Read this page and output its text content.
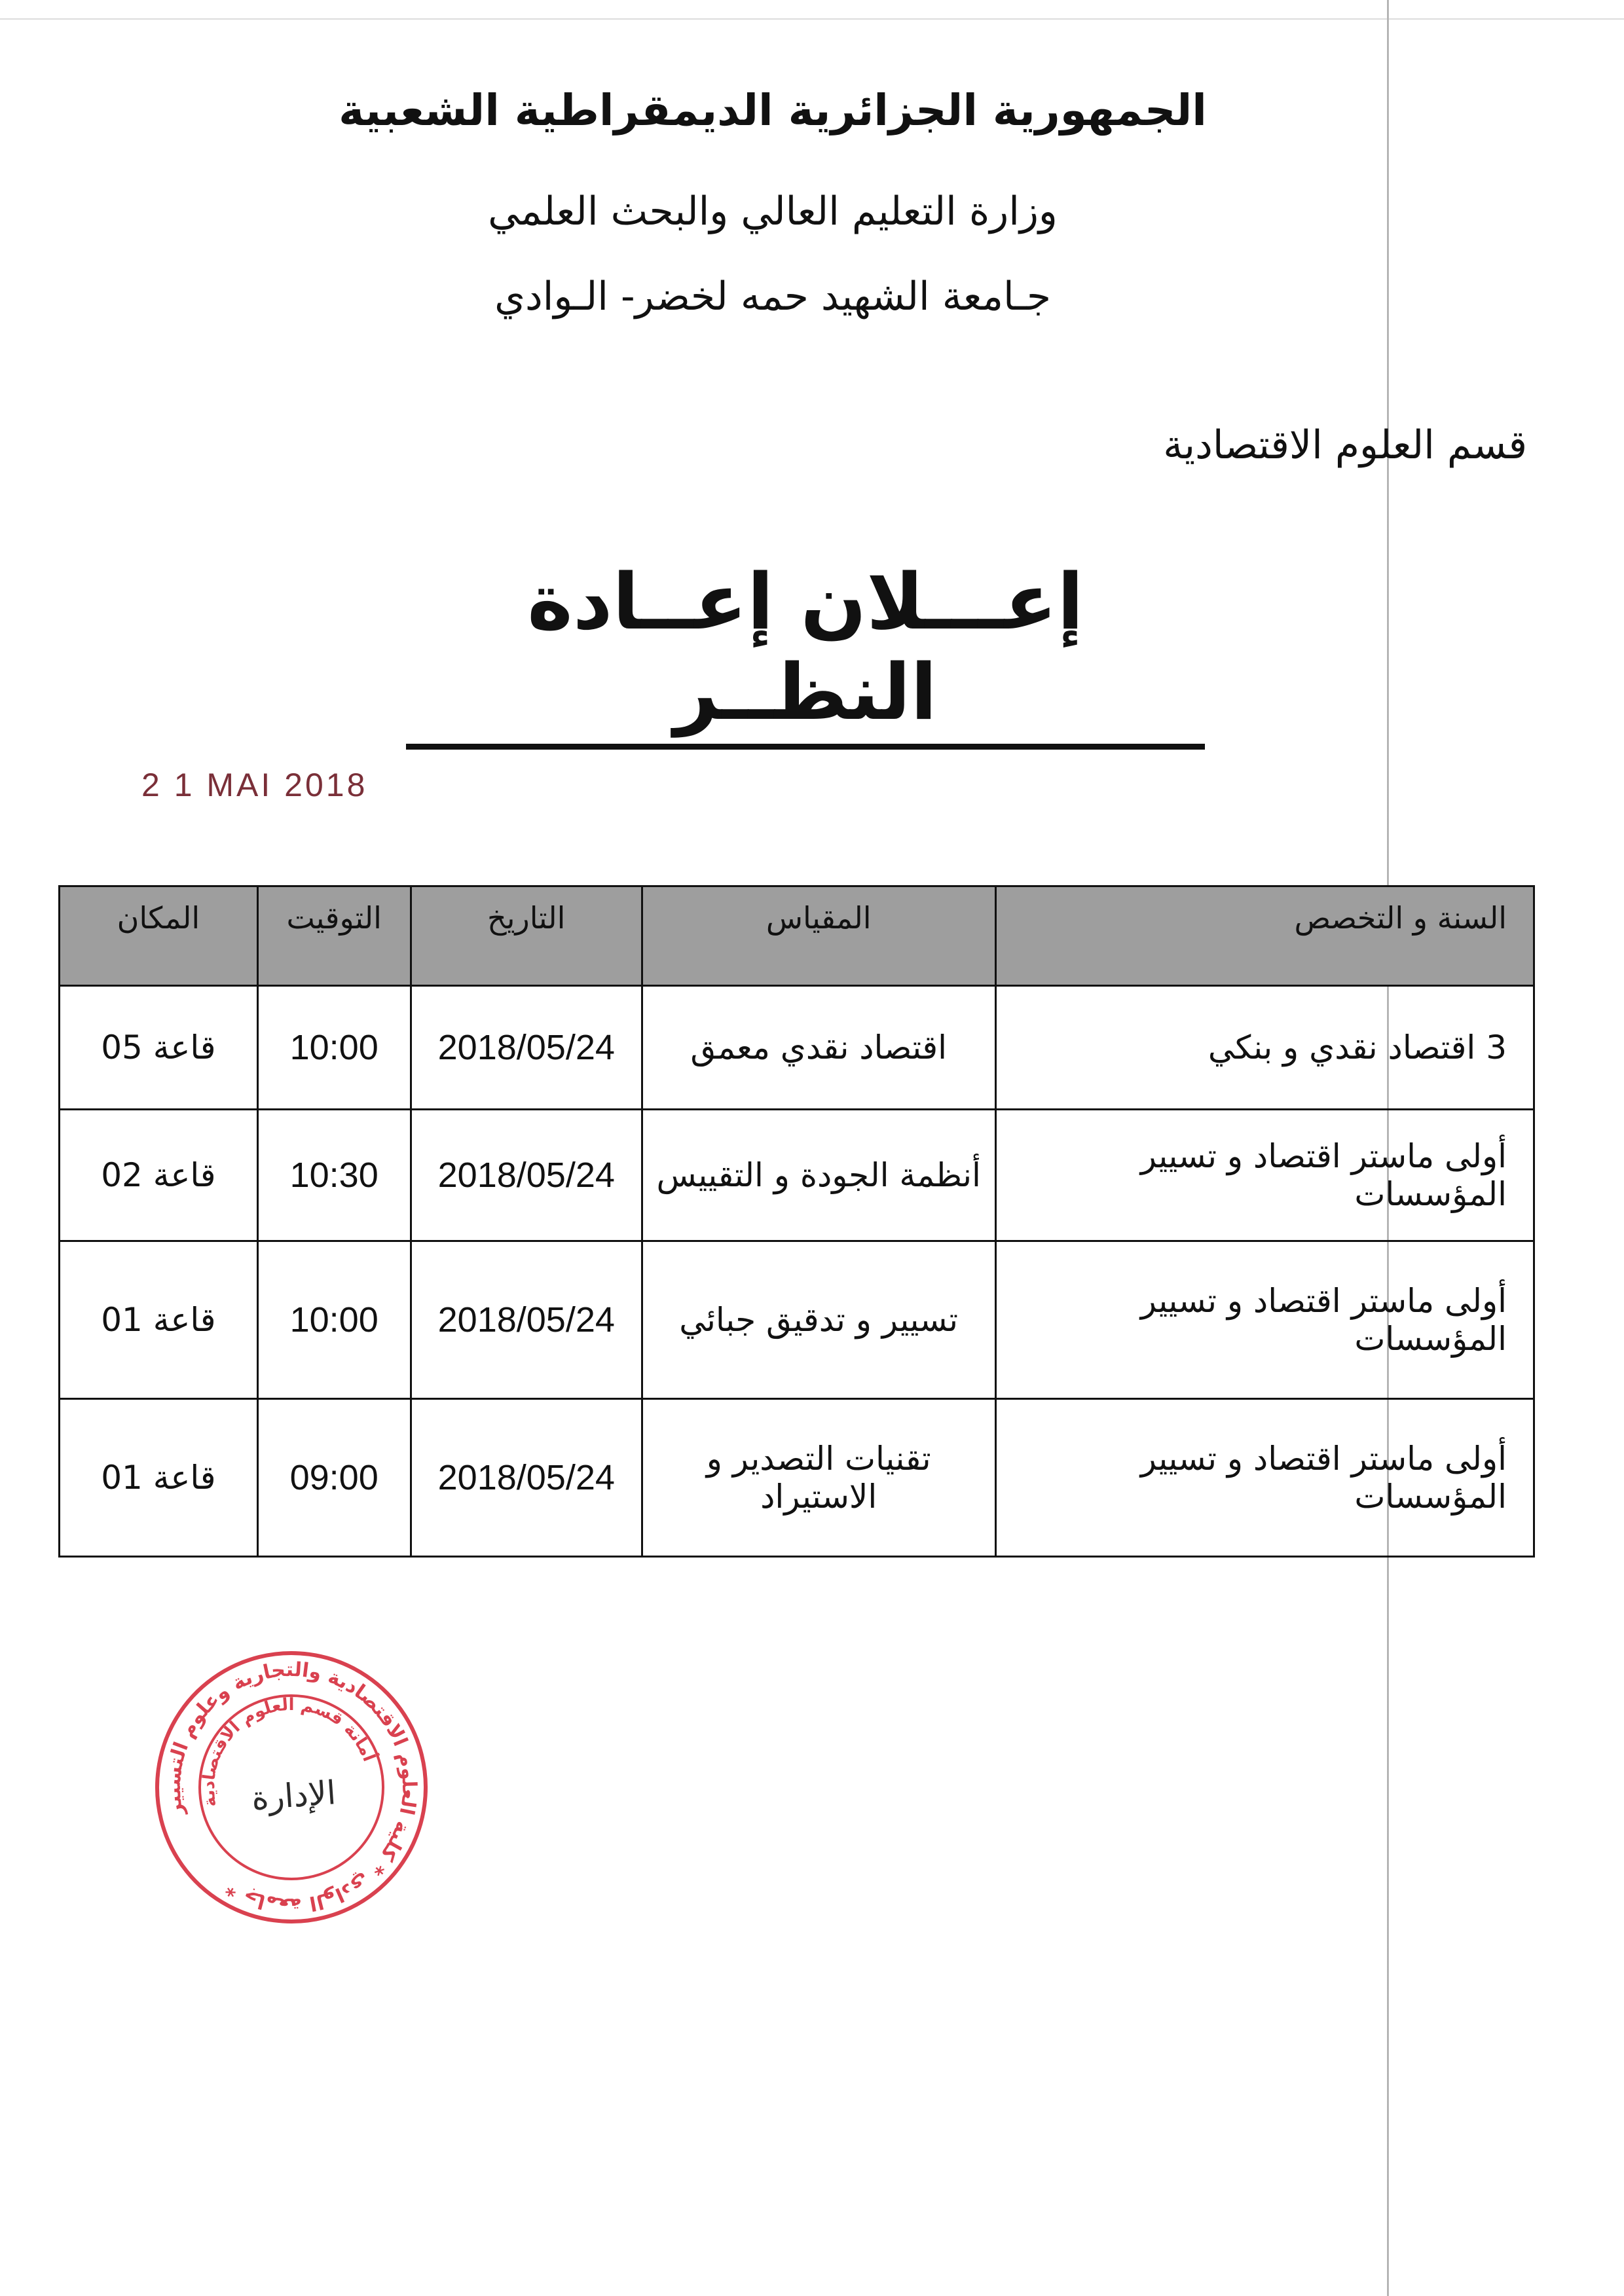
الجمهورية الجزائرية الديمقراطية الشعبية
وزارة التعليم العالي والبحث العلمي
جـامعة الشهيد حمه لخضر- الـوادي
قسم العلوم الاقتصادية
إعـــلان إعــادة النظــر
2 1 MAI 2018
السنة و التخصص	المقياس	التاريخ	التوقيت	المكان
3 اقتصاد نقدي و بنكي	اقتصاد نقدي معمق	2018/05/24	10:00	قاعة 05
أولى ماستر اقتصاد و تسيير المؤسسات	أنظمة الجودة و التقييس	2018/05/24	10:30	قاعة 02
أولى ماستر اقتصاد و تسيير المؤسسات	تسيير و تدقيق جبائي	2018/05/24	10:00	قاعة 01
أولى ماستر اقتصاد و تسيير المؤسسات	تقنيات التصدير و الاستيراد	2018/05/24	09:00	قاعة 01
جامعة الوادي * كلية العلوم الاقتصادية والتجارية وعلوم التسيير *
أمانة قسم العلوم الاقتصادية
الإدارة
